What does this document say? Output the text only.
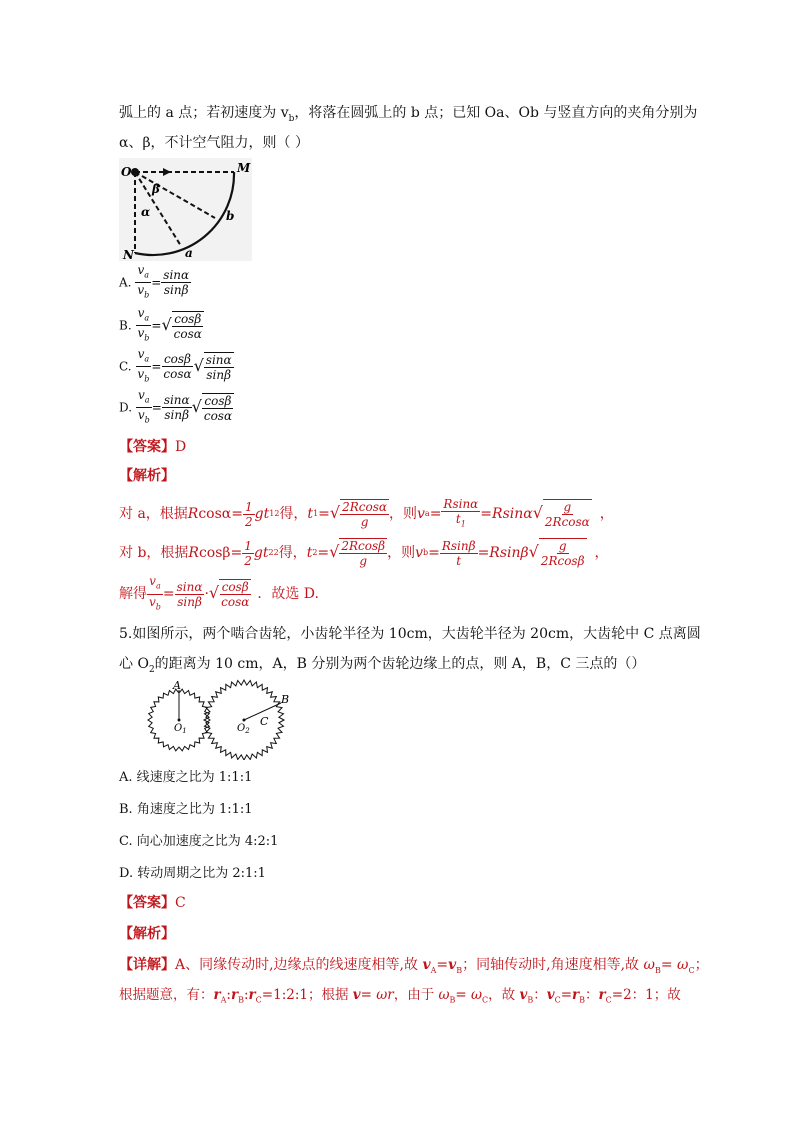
弧上的 a 点；若初速度为 $v_b$，将落在圆弧上的 b 点；已知 Oa、Ob 与竖直方向的夹角分别为
α、β，不计空气阻力，则（ ）
O	M
N	a
b
α
β
A. $\frac{v_a}{v_b} = \frac{\sin\alpha}{\sin\beta}$
B. $\frac{v_a}{v_b}$ = √ $\frac{\cos\beta}{\cos\alpha}$
C. $\frac{v_a}{v_b} = \frac{\cos\beta}{\cos\alpha}$ √ $\frac{\sin\alpha}{\sin\beta}$
D. $\frac{v_a}{v_b} = \frac{\sin\alpha}{\sin\beta}$ √ $\frac{\cos\beta}{\cos\alpha}$
【答案】D
【解析】
对 a，根据 R $\cos\alpha = \frac{1}{2}$ gt 1 2 得， t 1 = √ $\frac{2Rcos\alpha}{g}$ ，则 v $a = \frac{Rsin\alpha}{t_1} =Rsin\alpha$ √ $\frac{g}{2Rcos\alpha}$ ，
对 b，根据 R $\cos\beta = \frac{1}{2}$ gt 2 2 得， t 2 = √ $\frac{2Rcos\beta}{g}$ ，则 v $b = \frac{Rsin\beta}{t} =Rsin\beta$ √ $\frac{g}{2Rcos\beta}$ ，
解得 $\frac{v_a}{v_b} = \frac{\sin\alpha}{\sin\beta}$ · √ $\frac{\cos\beta}{\cos\alpha}$ ．故选 D.
5.如图所示，两个啮合齿轮，小齿轮半径为 10cm，大齿轮半径为 20cm，大齿轮中 C 点离圆
心 $O_2$的距离为 10 cm，A，B 分别为两个齿轮边缘上的点，则 A，B，C 三点的（）
A
B
C
$O_1$	$O_2$
A. 线速度之比为 1:1:1
B. 角速度之比为 1:1:1
C. 向心加速度之比为 4:2:1
D. 转动周期之比为 2:1:1
【答案】C
【解析】
【详解】A、同缘传动时,边缘点的线速度相等,故 $v_A=v_B$；同轴传动时,角速度相等,故 $\omega_B= \omega_C$；
根据题意，有：$r_A:r_B:r_C=1:2:1$；根据 v= ωr，由于 $\omega_B= \omega_C$，故 $v_B$：$v_C=r_B$：$r_C=2$：1；故
